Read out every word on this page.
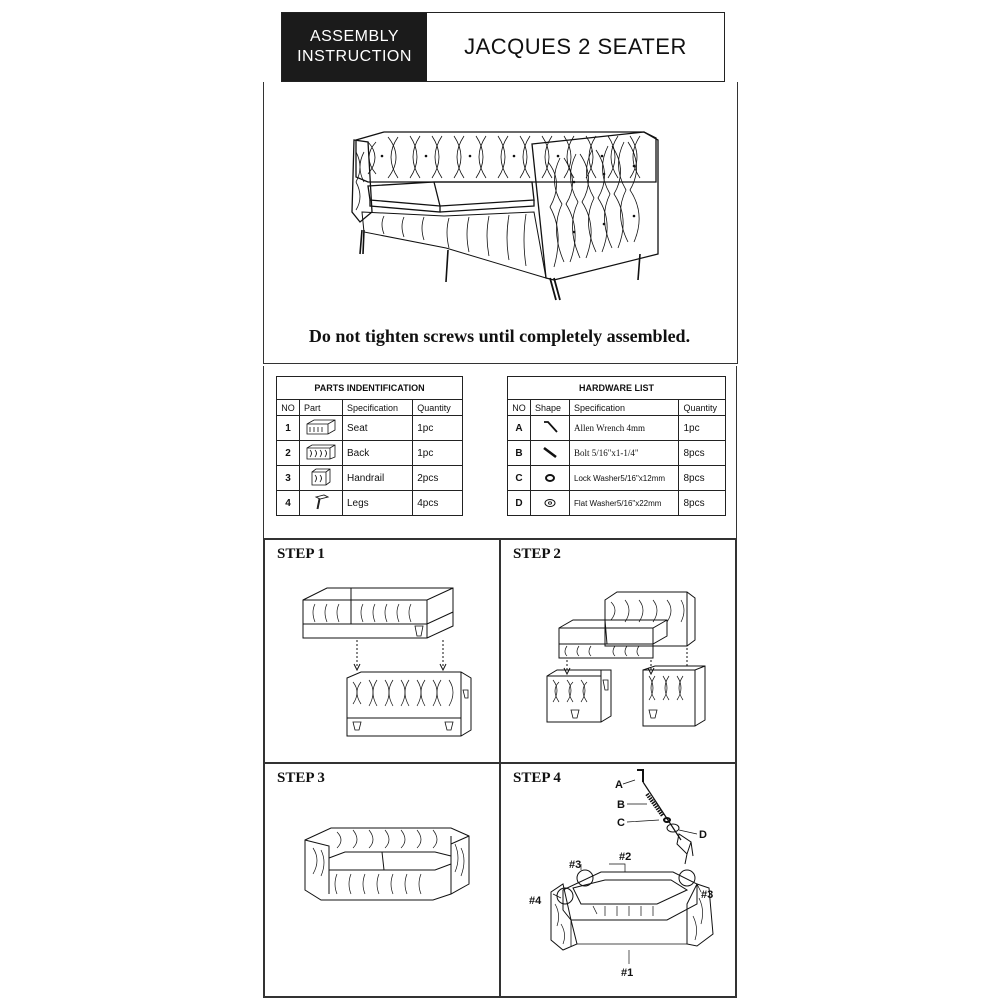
ASSEMBLY
INSTRUCTION	JACQUES 2 SEATER
Do not tighten screws until completely assembled.
PARTS INDENTIFICATION
NO	Part	Specification	Quantity
1		Seat	1pc
2		Back	1pc
3		Handrail	2pcs
4		Legs	4pcs
HARDWARE LIST
NO	Shape	Specification	Quantity
A		Allen Wrench 4mm	1pc
B		Bolt 5/16"x1-1/4"	8pcs
C		Lock Washer5/16"x12mm	8pcs
D		Flat Washer5/16"x22mm	8pcs
STEP 1	STEP 2
STEP 3	STEP 4	A
B
C
D
#2
#3
#3
#4
#1
